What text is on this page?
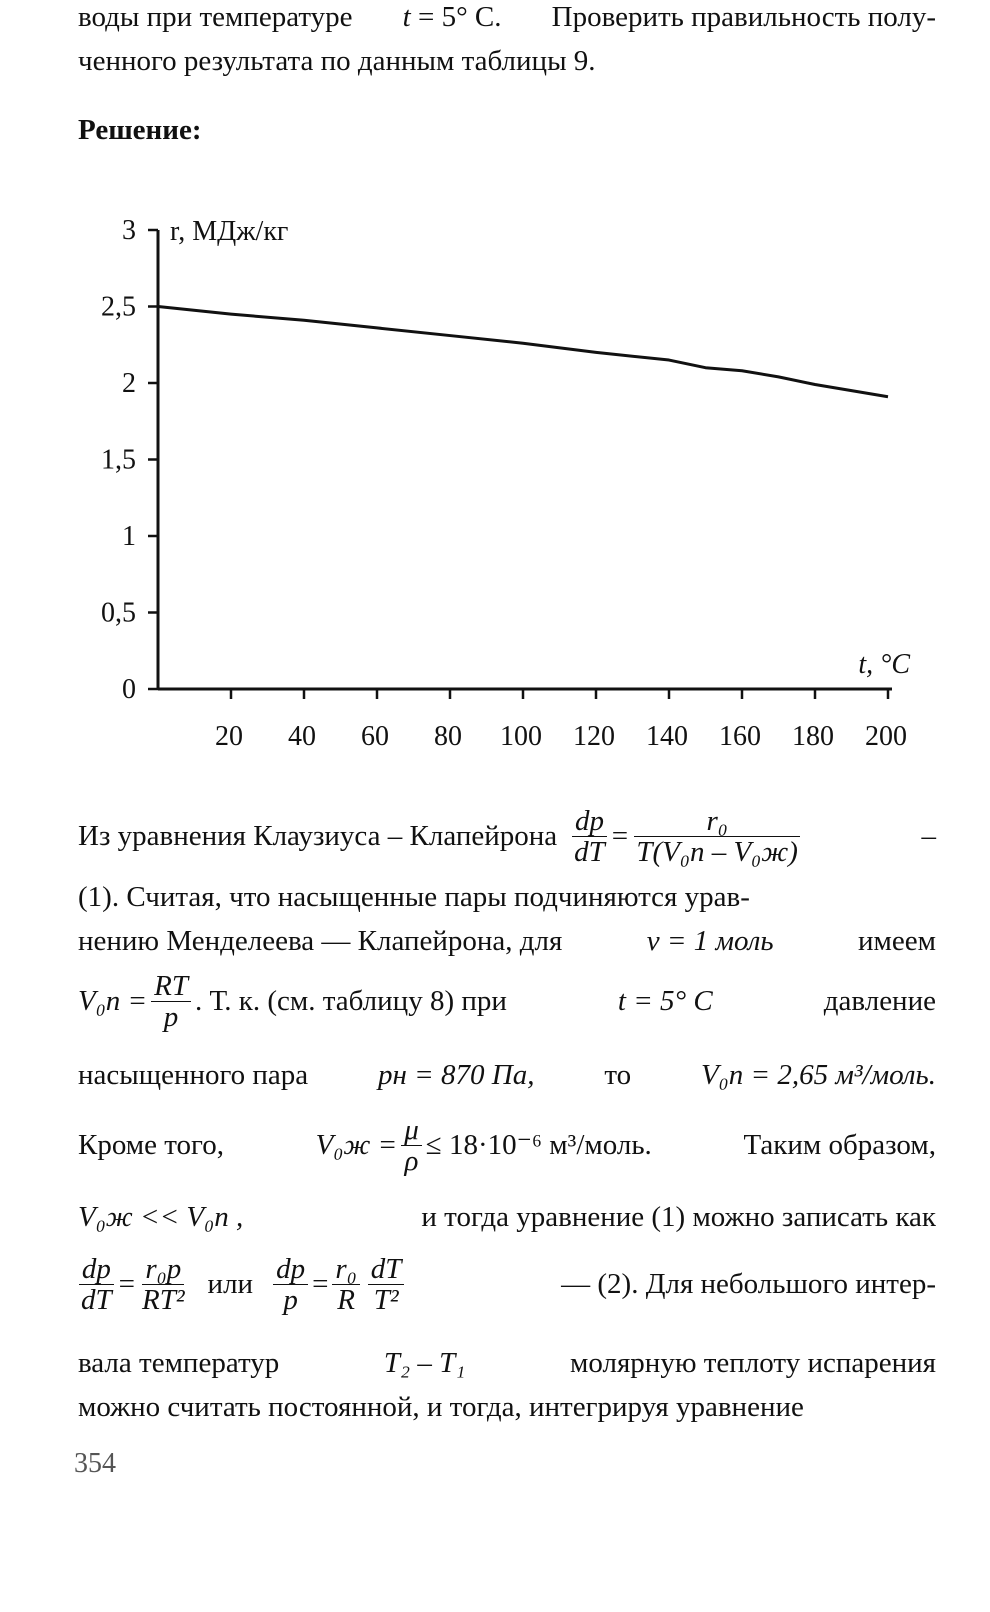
воды при температуре t = 5° С. Проверить правильность полу-
ченного результата по данным таблицы 9.
Решение:
0
0,5
1
1,5
2
2,5
3
20 40 60 80 100 120 140 160 180 200
r, МДж/кг
t, °C
Из уравнения Клаузиуса – Клапейрона $\frac{dp}{dT} = \frac{\text{r₀}}{\text{T(V₀п – V₀ж)}}$	–
(1). Считая, что насыщенные пары подчиняются урав-
нению Менделеева — Клапейрона, для	ν = 1 моль	имеем
$V_0п = \frac{RT}{p}$ . Т. к. (см. таблицу 8) при	t = 5° С	давление
насыщенного пара pн = 870 Па, то V₀п = 2,65 м³/моль.
Кроме того,	$V_0ж = \frac{\mu}{\rho} \le 18\cdot 10^{-6}$ м³/моль.	Таким образом,
V₀ж << V₀п ,	и тогда уравнение (1) можно записать как
$\frac{dp}{dT} = \frac{\text{r₀p}}{\text{RT²}}$ или $\frac{dp}{p} = \frac{\text{r₀}}{R} \frac{dT}{\text{T²}}$	— (2). Для небольшого интер-
вала температур	T₂ – T₁	молярную теплоту испарения
можно считать постоянной, и тогда, интегрируя уравнение
354
